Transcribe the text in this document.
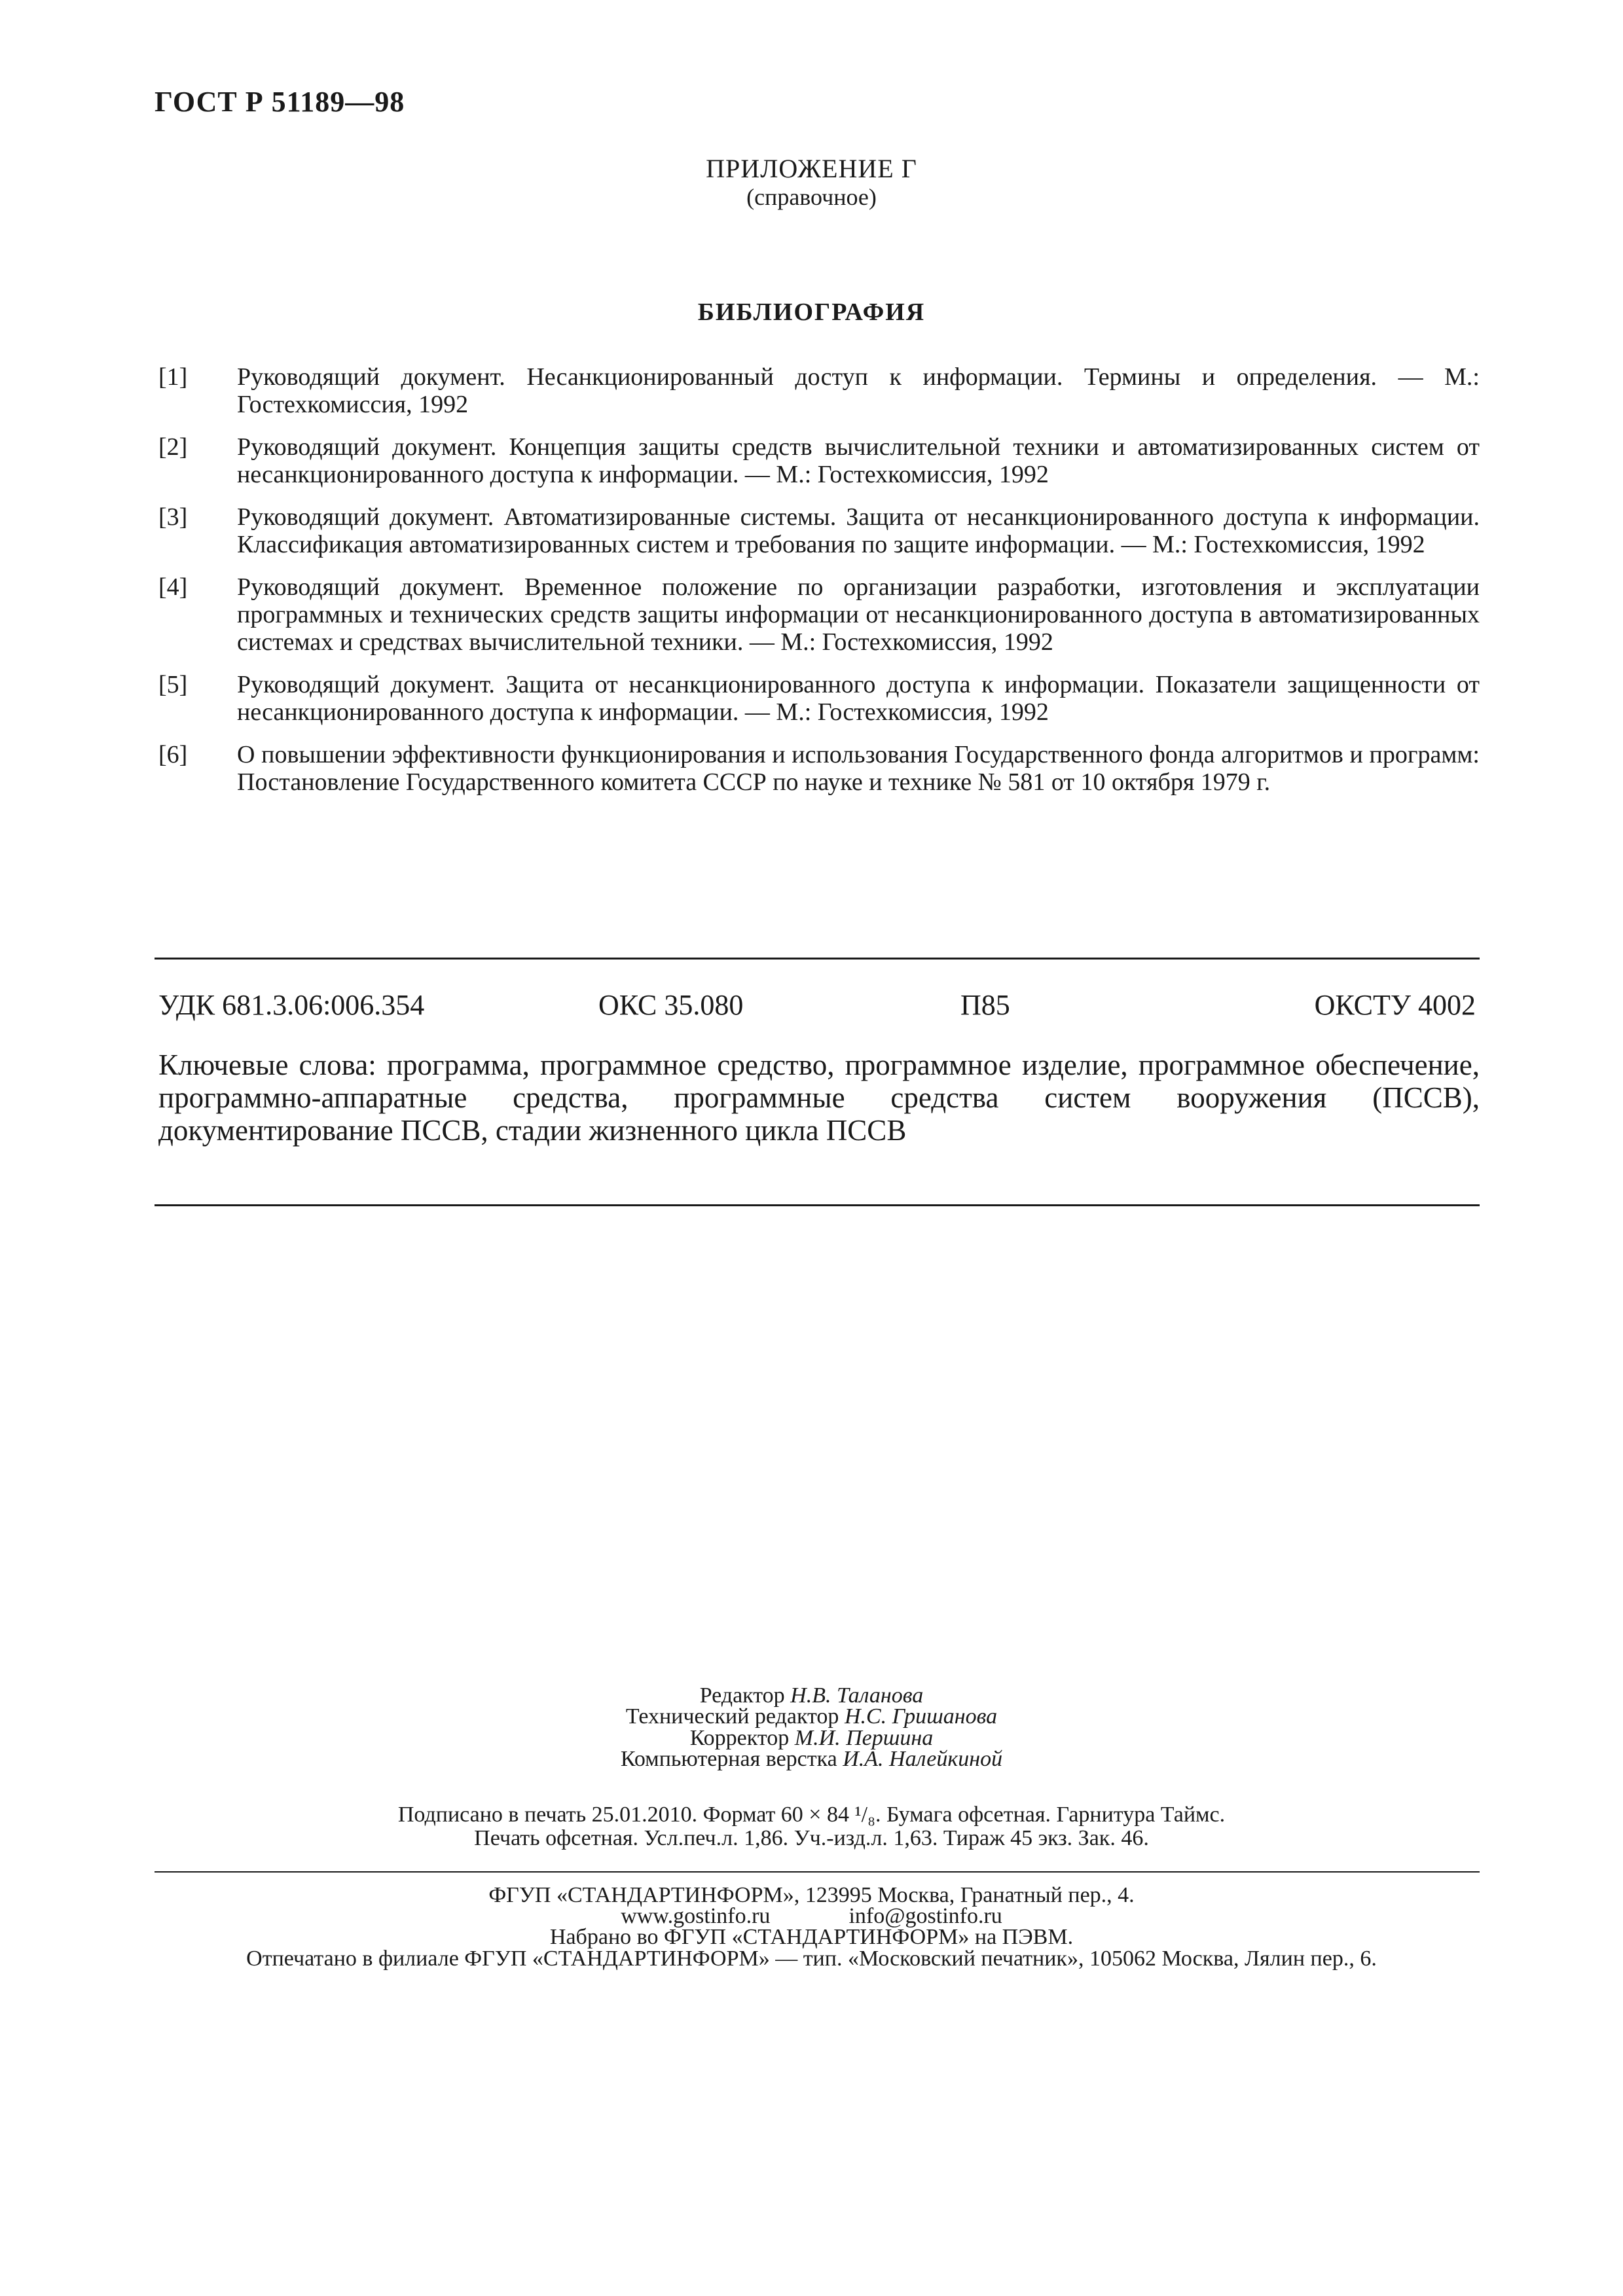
ГОСТ Р 51189—98
ПРИЛОЖЕНИЕ Г
(справочное)
БИБЛИОГРАФИЯ
[1]	Руководящий документ. Несанкционированный доступ к информации. Термины и определения. — М.: Гостехкомиссия, 1992
[2]	Руководящий документ. Концепция защиты средств вычислительной техники и автоматизированных систем от несанкционированного доступа к информации. — М.: Гостехкомиссия, 1992
[3]	Руководящий документ. Автоматизированные системы. Защита от несанкционированного доступа к информации. Классификация автоматизированных систем и требования по защите информации. — М.: Гостехкомиссия, 1992
[4]	Руководящий документ. Временное положение по организации разработки, изготовления и эксплуатации программных и технических средств защиты информации от несанкционированного доступа в автоматизированных системах и средствах вычислительной техники. — М.: Гостехкомиссия, 1992
[5]	Руководящий документ. Защита от несанкционированного доступа к информации. Показатели защищенности от несанкционированного доступа к информации. — М.: Гостехкомиссия, 1992
[6]	О повышении эффективности функционирования и использования Государственного фонда алгоритмов и программ: Постановление Государственного комитета СССР по науке и технике № 581 от 10 октября 1979 г.
УДК 681.3.06:006.354	ОКС 35.080	П85	ОКСТУ 4002
Ключевые слова: программа, программное средство, программное изделие, программное обеспечение, программно-аппаратные средства, программные средства систем вооружения (ПССВ), документирование ПССВ, стадии жизненного цикла ПССВ
Редактор Н.В. Таланова
Технический редактор Н.С. Гришанова
Корректор М.И. Першина
Компьютерная верстка И.А. Налейкиной
Подписано в печать 25.01.2010. Формат 60 × 84 ¹/₈. Бумага офсетная. Гарнитура Таймс.
Печать офсетная. Усл.печ.л. 1,86. Уч.-изд.л. 1,63. Тираж 45 экз. Зак. 46.
ФГУП «СТАНДАРТИНФОРМ», 123995 Москва, Гранатный пер., 4.
www.gostinfo.ru	info@gostinfo.ru
Набрано во ФГУП «СТАНДАРТИНФОРМ» на ПЭВМ.
Отпечатано в филиале ФГУП «СТАНДАРТИНФОРМ» — тип. «Московский печатник», 105062 Москва, Лялин пер., 6.
